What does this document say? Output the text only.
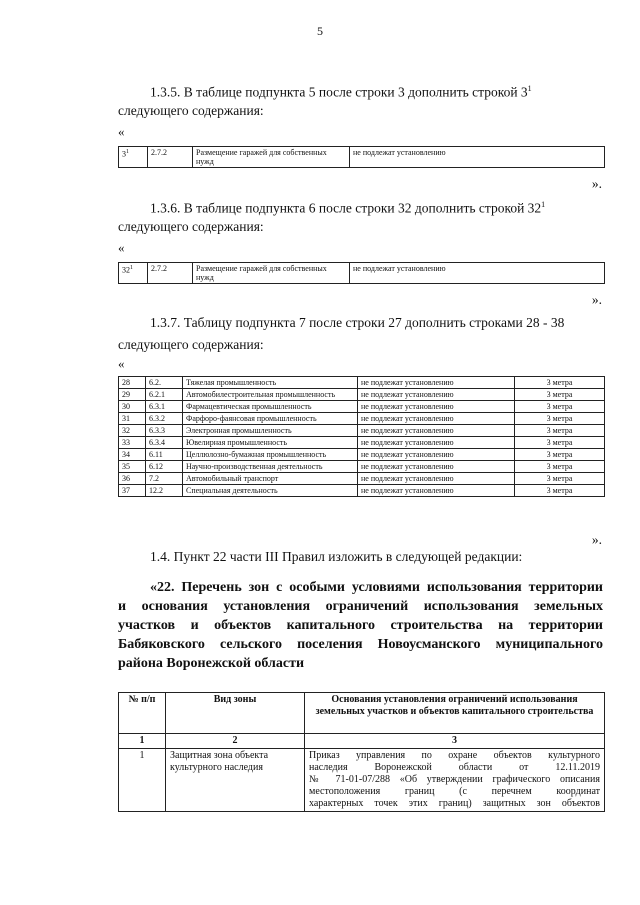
5
1.3.5. В таблице подпункта 5 после строки 3 дополнить строкой $3^1$
следующего содержания:
«
$3^1$	2.7.2	Размещение гаражей для собственных нужд	не подлежат установлению
».
1.3.6. В таблице подпункта 6 после строки 32 дополнить строкой $32^1$
следующего содержания:
«
$32^1$	2.7.2	Размещение гаражей для собственных нужд	не подлежат установлению
».
1.3.7. Таблицу подпункта 7 после строки 27 дополнить строками 28 - 38
следующего содержания:
«
28	6.2.	Тяжелая промышленность	не подлежат установлению	3 метра
29	6.2.1	Автомобилестроительная промышленность	не подлежат установлению	3 метра
30	6.3.1	Фармацевтическая промышленность	не подлежат установлению	3 метра
31	6.3.2	Фарфоро-фаянсовая промышленность	не подлежат установлению	3 метра
32	6.3.3	Электронная промышленность	не подлежат установлению	3 метра
33	6.3.4	Ювелирная промышленность	не подлежат установлению	3 метра
34	6.11	Целлюлозно-бумажная промышленность	не подлежат установлению	3 метра
35	6.12	Научно-производственная деятельность	не подлежат установлению	3 метра
36	7.2	Автомобильный транспорт	не подлежат установлению	3 метра
37	12.2	Специальная деятельность	не подлежат установлению	3 метра
».
1.4. Пункт 22 части III Правил изложить в следующей редакции:
«22. Перечень зон с особыми условиями использования территории
и основания установления ограничений использования земельных
участков и объектов капитального строительства на территории
Бабяковского сельского поселения Новоусманского муниципального
района Воронежской области
№ п/п	Вид зоны	Основания установления ограничений использования земельных участков и объектов капитального строительства
1	2	3
1	Защитная зона объекта культурного наследия	Приказ управления по охране объектов культурного
наследия Воронежской области от 12.11.2019
№ 71-01-07/288 «Об утверждении графического описания
местоположения границ (с перечнем координат
характерных точек этих границ) защитных зон объектов
